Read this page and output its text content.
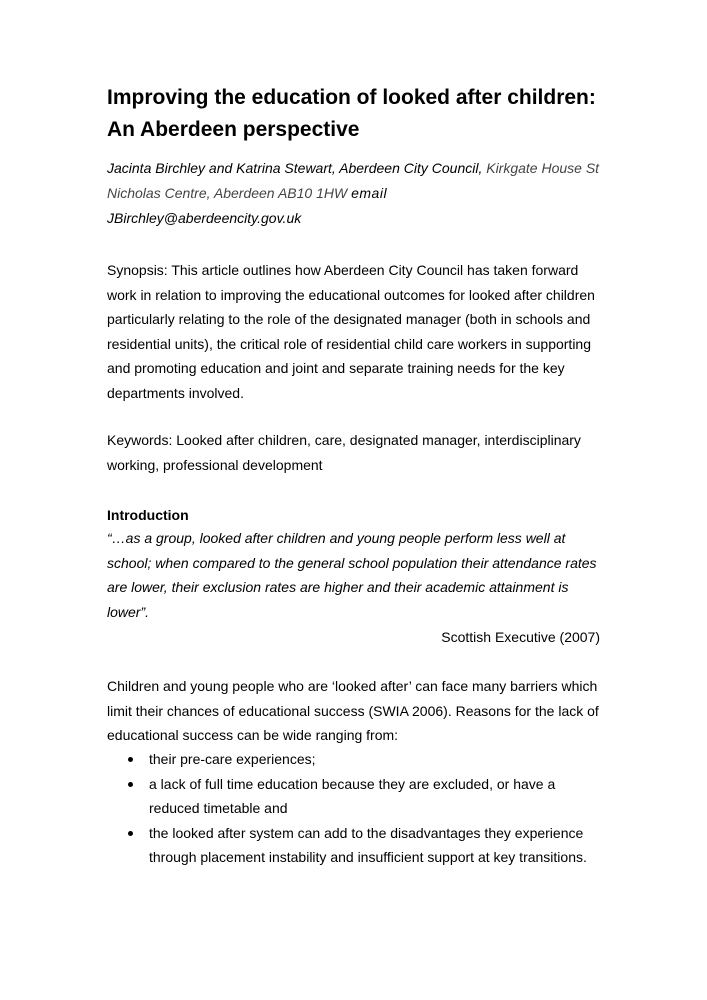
Improving the education of looked after children: An Aberdeen perspective
Jacinta Birchley and Katrina Stewart, Aberdeen City Council, Kirkgate House St Nicholas Centre, Aberdeen AB10 1HW email
JBirchley@aberdeencity.gov.uk

Synopsis: This article outlines how Aberdeen City Council has taken forward work in relation to improving the educational outcomes for looked after children particularly relating to the role of the designated manager (both in schools and residential units), the critical role of residential child care workers in supporting and promoting education and joint and separate training needs for the key departments involved.

Keywords: Looked after children, care, designated manager, interdisciplinary working, professional development

Introduction

“…as a group, looked after children and young people perform less well at school; when compared to the general school population their attendance rates are lower, their exclusion rates are higher and their academic attainment is lower”.

Scottish Executive (2007)

Children and young people who are ‘looked after’ can face many barriers which limit their chances of educational success (SWIA 2006). Reasons for the lack of educational success can be wide ranging from:

their pre-care experiences;
a lack of full time education because they are excluded, or have a reduced timetable and
the looked after system can add to the disadvantages they experience through placement instability and insufficient support at key transitions.
